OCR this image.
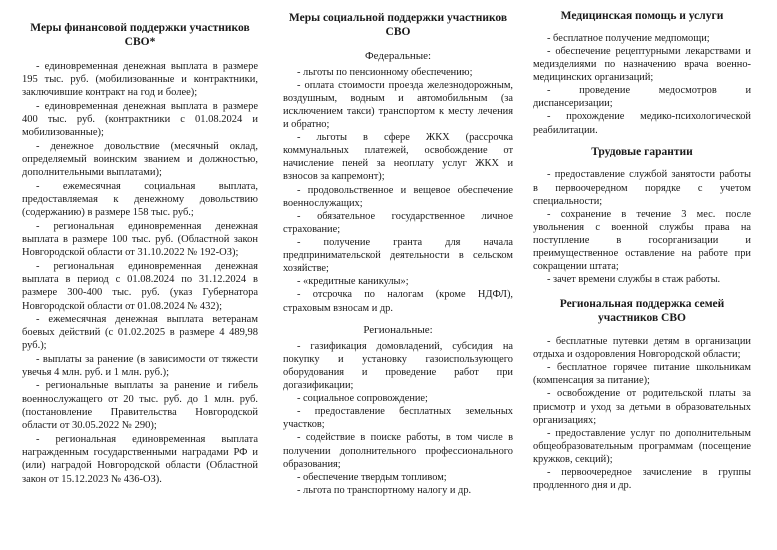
Меры финансовой поддержки участников СВО*
- единовременная денежная выплата в размере 195 тыс. руб. (мобилизованные и контрактники, заключившие контракт на год и более);
- единовременная денежная выплата в размере 400 тыс. руб. (контрактники с 01.08.2024 и мобилизованные);
- денежное довольствие (месячный оклад, определяемый воинским званием и должностью, дополнительными выплатами);
- ежемесячная социальная выплата, предоставляемая к денежному довольствию (содержанию) в размере 158 тыс. руб.;
- региональная единовременная денежная выплата в размере 100 тыс. руб. (Областной закон Новгородской области от 31.10.2022 № 192-ОЗ);
- региональная единовременная денежная выплата в период с 01.08.2024 по 31.12.2024 в размере 300-400 тыс. руб. (указ Губернатора Новгородской области от 01.08.2024 № 432);
- ежемесячная денежная выплата ветеранам боевых действий (с 01.02.2025 в размере 4 489,98 руб.);
- выплаты за ранение (в зависимости от тяжести увечья 4 млн. руб. и 1 млн. руб.);
- региональные выплаты за ранение и гибель военнослужащего от 20 тыс. руб. до 1 млн. руб. (постановление Правительства Новгородской области от 30.05.2022 № 290);
- региональная единовременная выплата награжденным государственными наградами РФ и (или) наградой Новгородской области (Областной закон от 15.12.2023 № 436-ОЗ).
Меры социальной поддержки участников СВО
Федеральные:
- льготы по пенсионному обеспечению;
- оплата стоимости проезда железнодорожным, воздушным, водным и автомобильным (за исключением такси) транспортом к месту лечения и обратно;
- льготы в сфере ЖКХ (рассрочка коммунальных платежей, освобождение от начисление пеней за неоплату услуг ЖКХ и взносов за капремонт);
- продовольственное и вещевое обеспечение военнослужащих;
- обязательное государственное личное страхование;
- получение гранта для начала предпринимательской деятельности в сельском хозяйстве;
- «кредитные каникулы»;
- отсрочка по налогам (кроме НДФЛ), страховым взносам и др.
Региональные:
- газификация домовладений, субсидия на покупку и установку газоиспользующего оборудования и проведение работ при догазификации;
- социальное сопровождение;
- предоставление бесплатных земельных участков;
- содействие в поиске работы, в том числе в получении дополнительного профессионального образования;
- обеспечение твердым топливом;
- льгота по транспортному налогу и др.
Медицинская помощь и услуги
- бесплатное получение медпомощи;
- обеспечение рецептурными лекарствами и медизделиями по назначению врача военно-медицинских организаций;
- проведение медосмотров и диспансеризации;
- прохождение медико-психологической реабилитации.
Трудовые гарантии
- предоставление службой занятости работы в первоочередном порядке с учетом специальности;
- сохранение в течение 3 мес. после увольнения с военной службы права на поступление в госорганизации и преимущественное оставление на работе при сокращении штата;
- зачет времени службы в стаж работы.
Региональная поддержка семей участников СВО
- бесплатные путевки детям в организации отдыха и оздоровления Новгородской области;
- бесплатное горячее питание школьникам (компенсация за питание);
- освобождение от родительской платы за присмотр и уход за детьми в образовательных организациях;
- предоставление услуг по дополнительным общеобразовательным программам (посещение кружков, секций);
- первоочередное зачисление в группы продленного дня и др.
